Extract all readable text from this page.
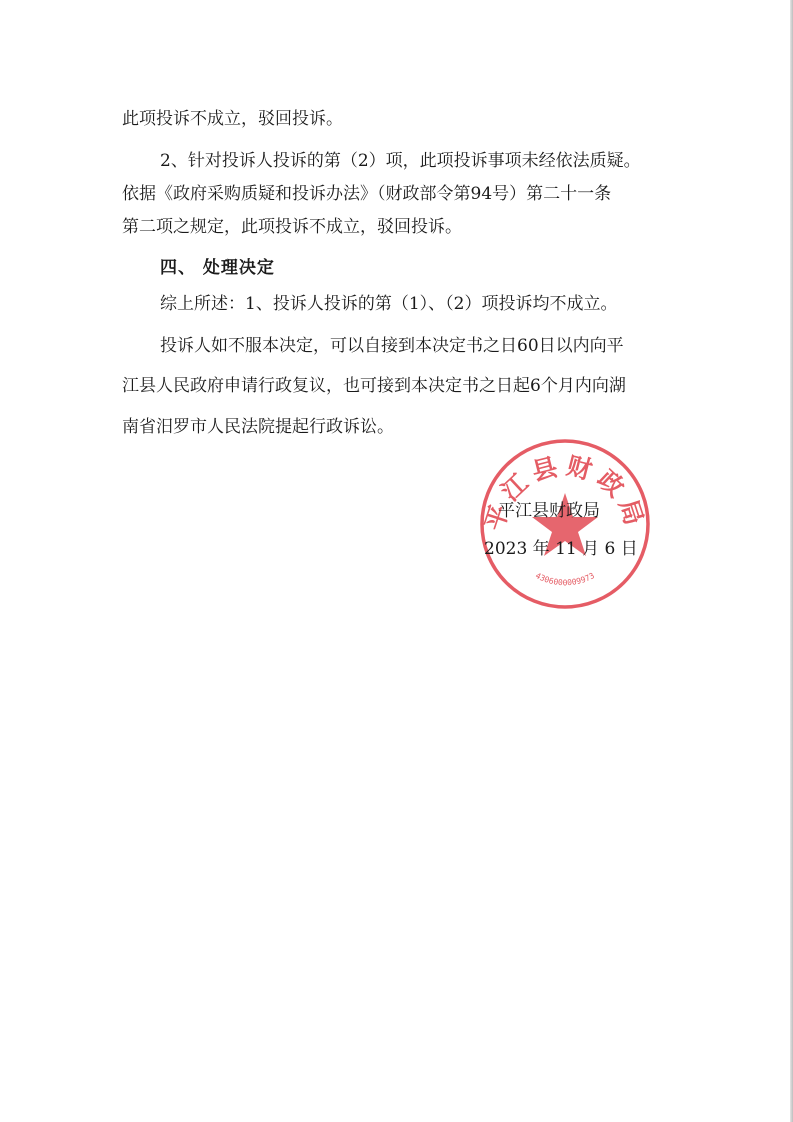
此项投诉不成立，驳回投诉。

2、针对投诉人投诉的第（2）项，此项投诉事项未经依法质疑。

依据《政府采购质疑和投诉办法》（财政部令第94号）第二十一条

第二项之规定，此项投诉不成立，驳回投诉。

四、 处理决定

综上所述：1、投诉人投诉的第（1）、（2）项投诉均不成立。

投诉人如不服本决定，可以自接到本决定书之日60日以内向平

江县人民政府申请行政复议，也可接到本决定书之日起6个月内向湖

南省汨罗市人民法院提起行政诉讼。

平江县财政局
4306000009973

平江县财政局

2023 年 11 月 6 日
